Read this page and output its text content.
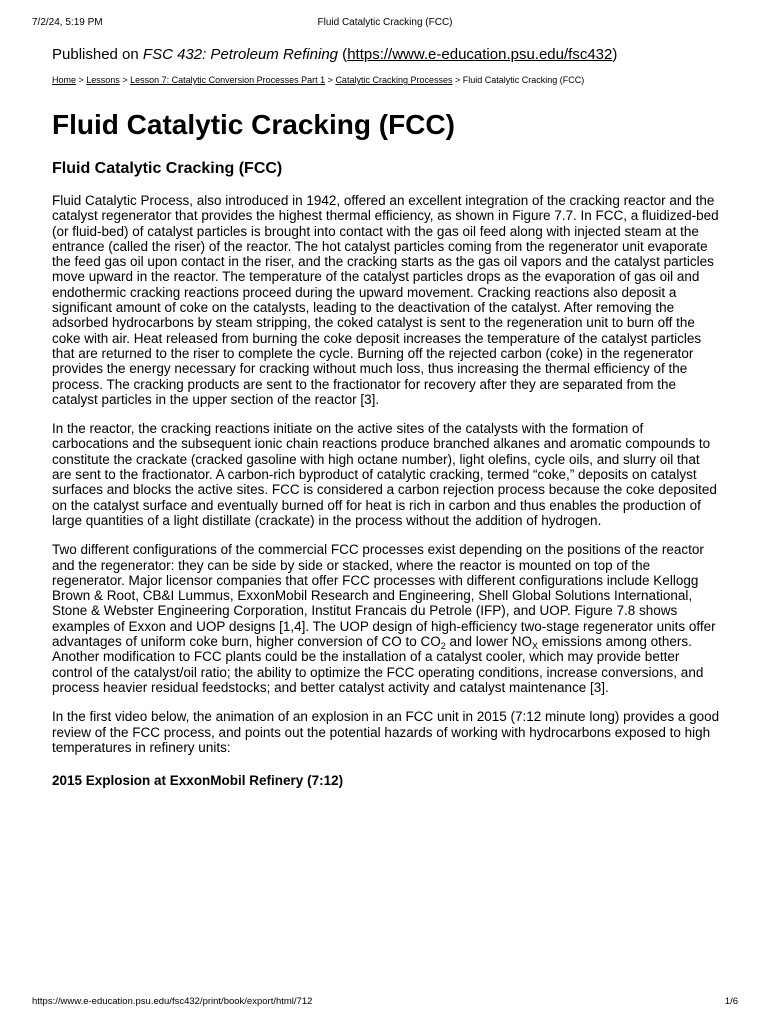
7/2/24, 5:19 PM	Fluid Catalytic Cracking (FCC)

Published on FSC 432: Petroleum Refining (https://www.e-education.psu.edu/fsc432)

Home > Lessons > Lesson 7: Catalytic Conversion Processes Part 1 > Catalytic Cracking Processes > Fluid Catalytic Cracking (FCC)
Fluid Catalytic Cracking (FCC)
Fluid Catalytic Cracking (FCC)

Fluid Catalytic Process, also introduced in 1942, offered an excellent integration of the cracking reactor and the catalyst regenerator that provides the highest thermal efficiency, as shown in Figure 7.7. In FCC, a fluidized-bed (or fluid-bed) of catalyst particles is brought into contact with the gas oil feed along with injected steam at the entrance (called the riser) of the reactor. The hot catalyst particles coming from the regenerator unit evaporate the feed gas oil upon contact in the riser, and the cracking starts as the gas oil vapors and the catalyst particles move upward in the reactor. The temperature of the catalyst particles drops as the evaporation of gas oil and endothermic cracking reactions proceed during the upward movement. Cracking reactions also deposit a significant amount of coke on the catalysts, leading to the deactivation of the catalyst. After removing the adsorbed hydrocarbons by steam stripping, the coked catalyst is sent to the regeneration unit to burn off the coke with air. Heat released from burning the coke deposit increases the temperature of the catalyst particles that are returned to the riser to complete the cycle. Burning off the rejected carbon (coke) in the regenerator provides the energy necessary for cracking without much loss, thus increasing the thermal efficiency of the process. The cracking products are sent to the fractionator for recovery after they are separated from the catalyst particles in the upper section of the reactor [3].

In the reactor, the cracking reactions initiate on the active sites of the catalysts with the formation of carbocations and the subsequent ionic chain reactions produce branched alkanes and aromatic compounds to constitute the crackate (cracked gasoline with high octane number), light olefins, cycle oils, and slurry oil that are sent to the fractionator. A carbon-rich byproduct of catalytic cracking, termed “coke,” deposits on catalyst surfaces and blocks the active sites. FCC is considered a carbon rejection process because the coke deposited on the catalyst surface and eventually burned off for heat is rich in carbon and thus enables the production of large quantities of a light distillate (crackate) in the process without the addition of hydrogen.

Two different configurations of the commercial FCC processes exist depending on the positions of the reactor and the regenerator: they can be side by side or stacked, where the reactor is mounted on top of the regenerator. Major licensor companies that offer FCC processes with different configurations include Kellogg Brown & Root, CB&I Lummus, ExxonMobil Research and Engineering, Shell Global Solutions International, Stone & Webster Engineering Corporation, Institut Francais du Petrole (IFP), and UOP. Figure 7.8 shows examples of Exxon and UOP designs [1,4]. The UOP design of high-efficiency two-stage regenerator units offer advantages of uniform coke burn, higher conversion of CO to $CO_2$ and lower $NO_X$ emissions among others. Another modification to FCC plants could be the installation of a catalyst cooler, which may provide better control of the catalyst/oil ratio; the ability to optimize the FCC operating conditions, increase conversions, and process heavier residual feedstocks; and better catalyst activity and catalyst maintenance [3].

In the first video below, the animation of an explosion in an FCC unit in 2015 (7:12 minute long) provides a good review of the FCC process, and points out the potential hazards of working with hydrocarbons exposed to high temperatures in refinery units:

2015 Explosion at ExxonMobil Refinery (7:12)
https://www.e-education.psu.edu/fsc432/print/book/export/html/712	1/6
